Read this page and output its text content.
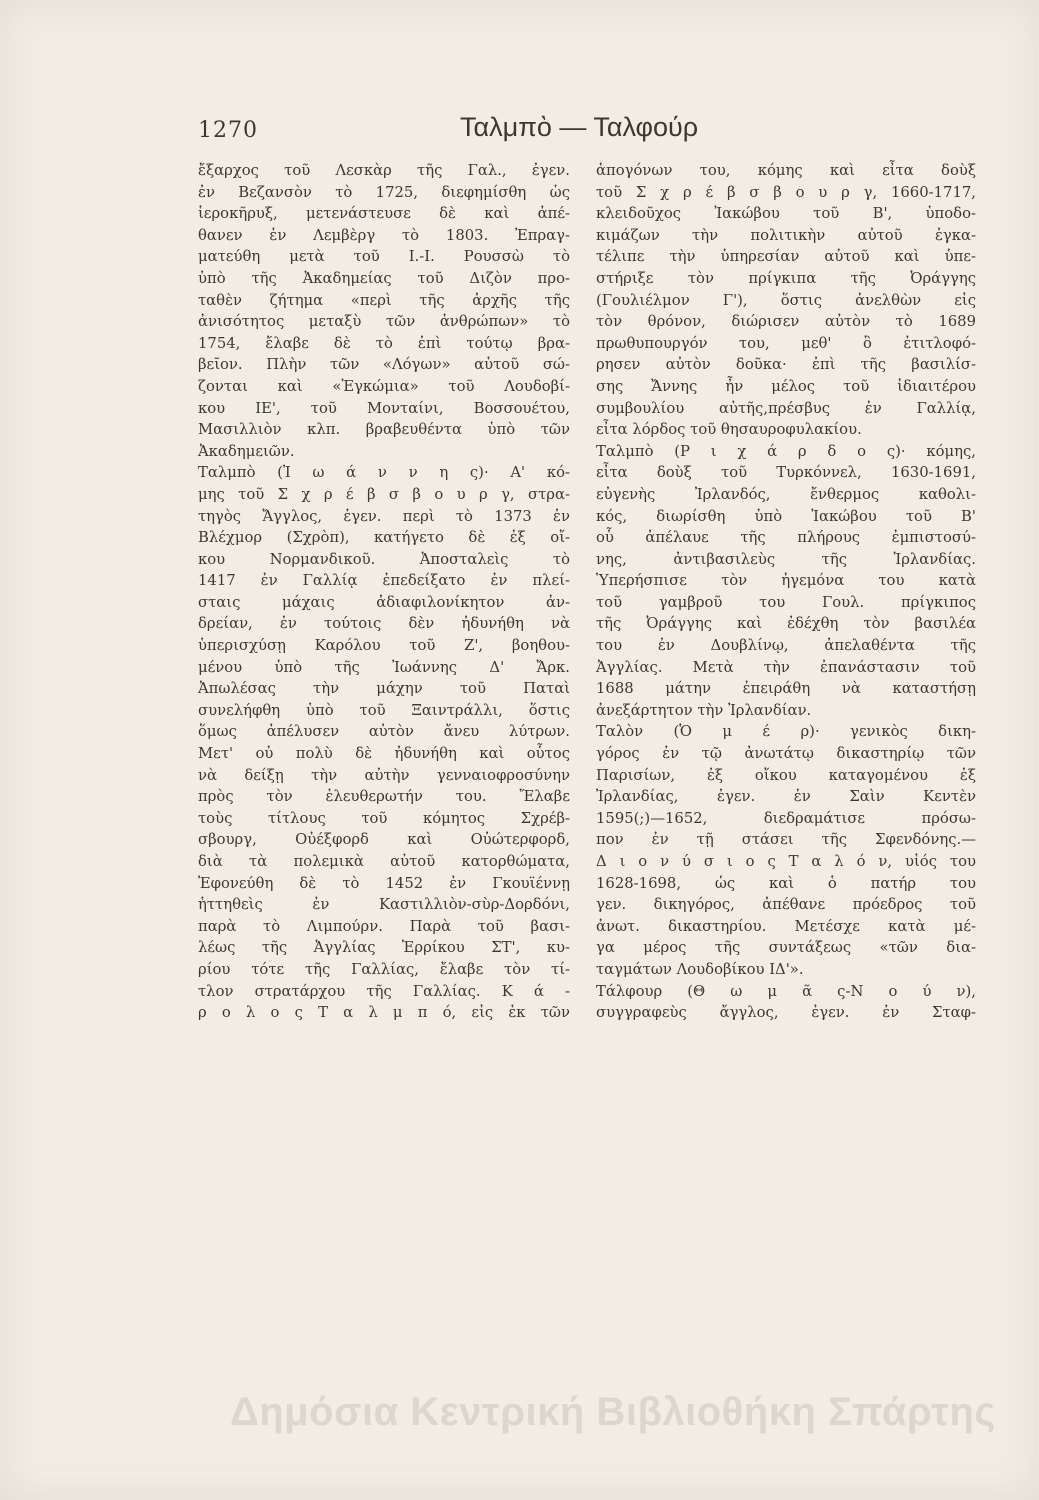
1270	Ταλμπὸ — Ταλφούρ
ἔξαρχος τοῦ Λεσκὰρ τῆς Γαλ., ἐγεν.
ἐν Βεζανσὸν τὸ 1725, διεφημίσθη ὡς
ἱεροκῆρυξ, μετενάστευσε δὲ καὶ ἀπέ-
θανεν ἐν Λεμβὲργ τὸ 1803. Ἐπραγ-
ματεύθη μετὰ τοῦ Ι.-Ι. Ρουσσὼ τὸ
ὑπὸ τῆς Ἀκαδημείας τοῦ Διζὸν προ-
ταθὲν ζήτημα «περὶ τῆς ἀρχῆς τῆς
ἀνισότητος μεταξὺ τῶν ἀνθρώπων» τὸ
1754, ἔλαβε δὲ τὸ ἐπὶ τούτῳ βρα-
βεῖον. Πλὴν τῶν «Λόγων» αὐτοῦ σώ-
ζονται καὶ «Ἐγκώμια» τοῦ Λουδοβί-
κου ΙΕ', τοῦ Μονταίνι, Βοσσουέτου,
Μασιλλιὸν κλπ. βραβευθέντα ὑπὸ τῶν
Ἀκαδημειῶν.
Ταλμπὸ (Ἰ ω ά ν ν η ς)· Α' κό-
μης τοῦ Σ χ ρ έ β σ β ο υ ρ γ, στρα-
τηγὸς Ἄγγλος, ἐγεν. περὶ τὸ 1373 ἐν
Βλέχμορ (Σχρὸπ), κατήγετο δὲ ἐξ οἴ-
κου Νορμανδικοῦ. Ἀποσταλεὶς τὸ
1417 ἐν Γαλλίᾳ ἐπεδείξατο ἐν πλεί-
σταις μάχαις ἀδιαφιλονίκητον ἀν-
δρείαν, ἐν τούτοις δὲν ἠδυνήθη νὰ
ὑπερισχύσῃ Καρόλου τοῦ Ζ', βοηθου-
μένου ὑπὸ τῆς Ἰωάννης Δ' Ἄρκ.
Ἀπωλέσας τὴν μάχην τοῦ Παταὶ
συνελήφθη ὑπὸ τοῦ Ξαιντράλλι, ὅστις
ὅμως ἀπέλυσεν αὐτὸν ἄνευ λύτρων.
Μετ' οὐ πολὺ δὲ ἠδυνήθη καὶ οὗτος
νὰ δείξῃ τὴν αὐτὴν γενναιοφροσύνην
πρὸς τὸν ἐλευθερωτήν του. Ἔλαβε
τοὺς τίτλους τοῦ κόμητος Σχρέβ-
σβουργ, Οὐέξφορδ καὶ Οὐώτερφορδ,
διὰ τὰ πολεμικὰ αὐτοῦ κατορθώματα,
Ἐφονεύθη δὲ τὸ 1452 ἐν Γκουϊέννῃ
ἡττηθεὶς ἐν Καστιλλιὸν-σὺρ-Δορδόνι,
παρὰ τὸ Λιμπούρν. Παρὰ τοῦ βασι-
λέως τῆς Ἀγγλίας Ἑρρίκου ΣΤ', κυ-
ρίου τότε τῆς Γαλλίας, ἔλαβε τὸν τί-
τλον στρατάρχου τῆς Γαλλίας. Κ ά -
ρ ο λ ο ς Τ α λ μ π ό, εἰς ἐκ τῶν
ἀπογόνων του, κόμης καὶ εἶτα δοὺξ
τοῦ Σ χ ρ έ β σ β ο υ ρ γ, 1660-1717,
κλειδοῦχος Ἰακώβου τοῦ Β', ὑποδο-
κιμάζων τὴν πολιτικὴν αὐτοῦ ἐγκα-
τέλιπε τὴν ὑπηρεσίαν αὐτοῦ καὶ ὑπε-
στήριξε τὸν πρίγκιπα τῆς Ὀράγγης
(Γουλιέλμον Γ'), ὅστις ἀνελθὼν εἰς
τὸν θρόνον, διώρισεν αὐτὸν τὸ 1689
πρωθυπουργόν του, μεθ' ὃ ἐτιτλοφό-
ρησεν αὐτὸν δοῦκα· ἐπὶ τῆς βασιλίσ-
σης Ἄννης ἦν μέλος τοῦ ἰδιαιτέρου
συμβουλίου αὐτῆς,πρέσβυς ἐν Γαλλίᾳ,
εἶτα λόρδος τοῦ θησαυροφυλακίου.
Ταλμπὸ (Ρ ι χ ά ρ δ ο ς)· κόμης,
εἶτα δοὺξ τοῦ Τυρκόννελ, 1630-1691,
εὐγενὴς Ἰρλανδός, ἔνθερμος καθολι-
κός, διωρίσθη ὑπὸ Ἰακώβου τοῦ Β'
οὗ ἀπέλαυε τῆς πλήρους ἐμπιστοσύ-
νης, ἀντιβασιλεὺς τῆς Ἰρλανδίας.
Ὑπερήσπισε τὸν ἡγεμόνα του κατὰ
τοῦ γαμβροῦ του Γουλ. πρίγκιπος
τῆς Ὀράγγης καὶ ἐδέχθη τὸν βασιλέα
του ἐν Δουβλίνῳ, ἀπελαθέντα τῆς
Ἀγγλίας. Μετὰ τὴν ἐπανάστασιν τοῦ
1688 μάτην ἐπειράθη νὰ καταστήσῃ
ἀνεξάρτητον τὴν Ἰρλανδίαν.
Ταλὸν (Ὁ μ έ ρ)· γενικὸς δικη-
γόρος ἐν τῷ ἀνωτάτῳ δικαστηρίῳ τῶν
Παρισίων, ἐξ οἴκου καταγομένου ἐξ
Ἰρλανδίας, ἐγεν. ἐν Σαὶν Κεντὲν
1595(;)—1652, διεδραμάτισε πρόσω-
πον ἐν τῇ στάσει τῆς Σφενδόνης.—
Δ ι ο ν ύ σ ι ο ς Τ α λ ό ν, υἱός του
1628-1698, ὡς καὶ ὁ πατήρ του
γεν. δικηγόρος, ἀπέθανε πρόεδρος τοῦ
ἀνωτ. δικαστηρίου. Μετέσχε κατὰ μέ-
γα μέρος τῆς συντάξεως «τῶν δια-
ταγμάτων Λουδοβίκου ΙΔ'».
Τάλφουρ (Θ ω μ ᾶ ς-Ν ο ύ ν),
συγγραφεὺς ἄγγλος, ἐγεν. ἐν Σταφ-
Δημόσια Κεντρική Βιβλιοθήκη Σπάρτης
